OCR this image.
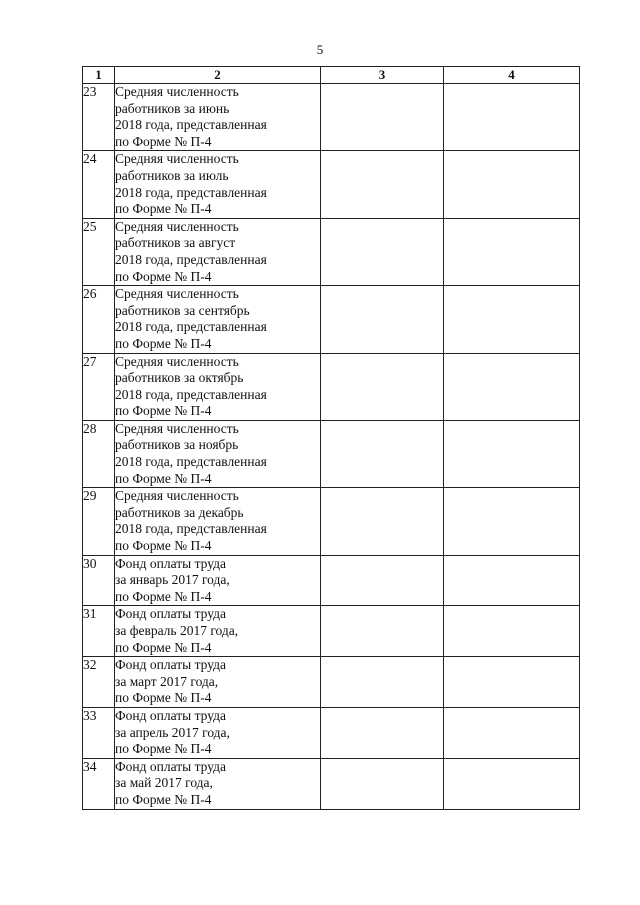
5
1	2	3	4
23	Средняя численность
работников за июнь
2018 года, представленная
по Форме № П-4		

24	Средняя численность
работников за июль
2018 года, представленная
по Форме № П-4		

25	Средняя численность
работников за август
2018 года, представленная
по Форме № П-4		

26	Средняя численность
работников за сентябрь
2018 года, представленная
по Форме № П-4		

27	Средняя численность
работников за октябрь
2018 года, представленная
по Форме № П-4		

28	Средняя численность
работников за ноябрь
2018 года, представленная
по Форме № П-4		

29	Средняя численность
работников за декабрь
2018 года, представленная
по Форме № П-4		

30	Фонд оплаты труда
за январь 2017 года,
по Форме № П-4		

31	Фонд оплаты труда
за февраль 2017 года,
по Форме № П-4		

32	Фонд оплаты труда
за март 2017 года,
по Форме № П-4		

33	Фонд оплаты труда
за апрель 2017 года,
по Форме № П-4		

34	Фонд оплаты труда
за май 2017 года,
по Форме № П-4		
